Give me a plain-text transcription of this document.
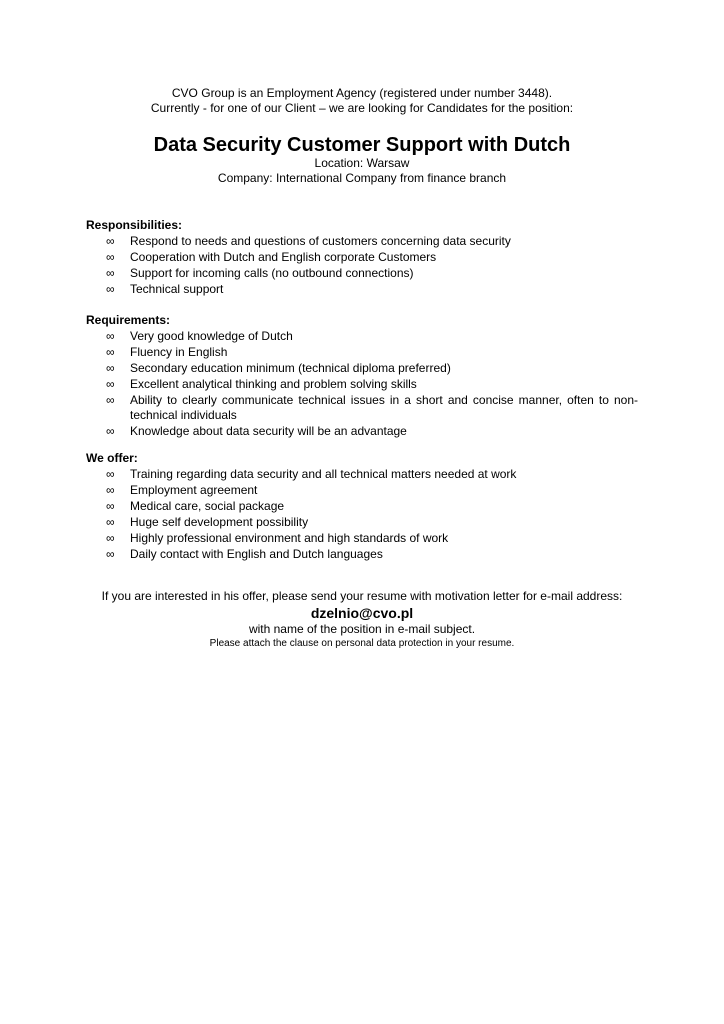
CVO Group is an Employment Agency (registered under number 3448).
Currently - for one of our Client – we are looking for Candidates for the position:
Data Security Customer Support with Dutch
Location: Warsaw
Company: International Company from finance branch
Responsibilities:
∞ Respond to needs and questions of customers concerning data security
∞ Cooperation with Dutch and English corporate Customers
∞ Support for incoming calls (no outbound connections)
∞ Technical support
Requirements:
∞ Very good knowledge of Dutch
∞ Fluency in English
∞ Secondary education minimum (technical diploma preferred)
∞ Excellent analytical thinking and problem solving skills
∞ Ability to clearly communicate technical issues in a short and concise manner, often to non-technical individuals
∞ Knowledge about data security will be an advantage
We offer:
∞ Training regarding data security and all technical matters needed at work
∞ Employment agreement
∞ Medical care, social package
∞ Huge self development possibility
∞ Highly professional environment and high standards of work
∞ Daily contact with English and Dutch languages
If you are interested in his offer, please send your resume with motivation letter for e-mail address:
dzelnio@cvo.pl
with name of the position in e-mail subject.
Please attach the clause on personal data protection in your resume.
